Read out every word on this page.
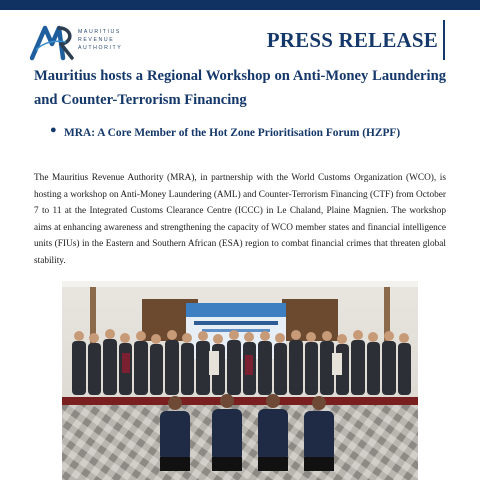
MAURITIUS
REVENUE
AUTHORITY	PRESS RELEASE
Mauritius hosts a Regional Workshop on Anti-Money Laundering and Counter-Terrorism Financing
● MRA: A Core Member of the Hot Zone Prioritisation Forum (HZPF)
The Mauritius Revenue Authority (MRA), in partnership with the World Customs Organization (WCO), is hosting a workshop on Anti-Money Laundering (AML) and Counter-Terrorism Financing (CTF) from October 7 to 11 at the Integrated Customs Clearance Centre (ICCC) in Le Chaland, Plaine Magnien. The workshop aims at enhancing awareness and strengthening the capacity of WCO member states and financial intelligence units (FIUs) in the Eastern and Southern African (ESA) region to combat financial crimes that threaten global stability.
